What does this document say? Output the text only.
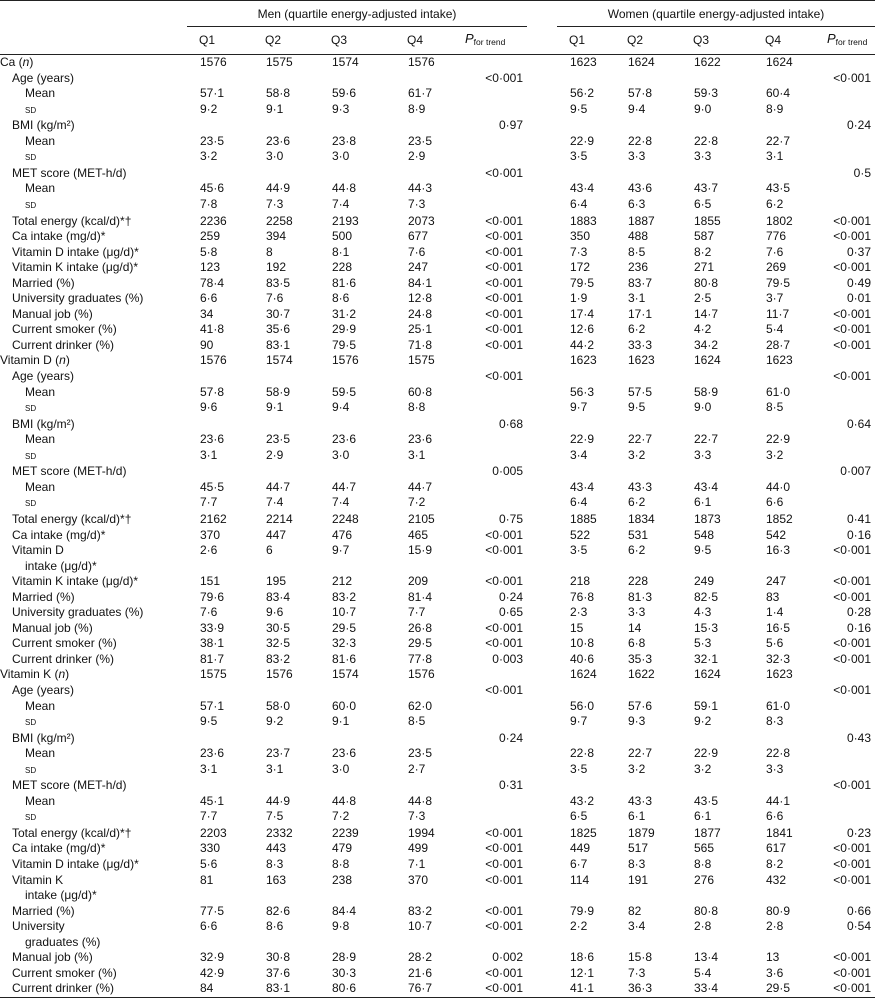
	Men (quartile energy-adjusted intake)						Women (quartile energy-adjusted intake)				
	Q1	Q2	Q3	Q4	$P_{for trend}$		Q1	Q2	Q3	Q4	$P_{for trend}$
Ca (n)	1576	1575	1574	1576			1623	1624	1622	1624	
Age (years)					<0·001						<0·001
Mean	57·1	58·8	59·6	61·7			56·2	57·8	59·3	60·4	
sd	9·2	9·1	9·3	8·9			9·5	9·4	9·0	8·9	
BMI (kg/m²)					0·97						0·24
Mean	23·5	23·6	23·8	23·5			22·9	22·8	22·8	22·7	
sd	3·2	3·0	3·0	2·9			3·5	3·3	3·3	3·1	
MET score (MET-h/d)					<0·001						0·5
Mean	45·6	44·9	44·8	44·3			43·4	43·6	43·7	43·5	
sd	7·8	7·3	7·4	7·3			6·4	6·3	6·5	6·2	
Total energy (kcal/d)*†	2236	2258	2193	2073	<0·001		1883	1887	1855	1802	<0·001
Ca intake (mg/d)*	259	394	500	677	<0·001		350	488	587	776	<0·001
Vitamin D intake (μg/d)*	5·8	8	8·1	7·6	<0·001		7·3	8·5	8·2	7·6	0·37
Vitamin K intake (μg/d)*	123	192	228	247	<0·001		172	236	271	269	<0·001
Married (%)	78·4	83·5	81·6	84·1	<0·001		79·5	83·7	80·8	79·5	0·49
University graduates (%)	6·6	7·6	8·6	12·8	<0·001		1·9	3·1	2·5	3·7	0·01
Manual job (%)	34	30·7	31·2	24·8	<0·001		17·4	17·1	14·7	11·7	<0·001
Current smoker (%)	41·8	35·6	29·9	25·1	<0·001		12·6	6·2	4·2	5·4	<0·001
Current drinker (%)	90	83·1	79·5	71·8	<0·001		44·2	33·3	34·2	28·7	<0·001
Vitamin D (n)	1576	1574	1576	1575			1623	1623	1624	1623	
Age (years)					<0·001						<0·001
Mean	57·8	58·9	59·5	60·8			56·3	57·5	58·9	61·0	
sd	9·6	9·1	9·4	8·8			9·7	9·5	9·0	8·5	
BMI (kg/m²)					0·68						0·64
Mean	23·6	23·5	23·6	23·6			22·9	22·7	22·7	22·9	
sd	3·1	2·9	3·0	3·1			3·4	3·2	3·3	3·2	
MET score (MET-h/d)					0·005						0·007
Mean	45·5	44·7	44·7	44·7			43·4	43·3	43·4	44·0	
sd	7·7	7·4	7·4	7·2			6·4	6·2	6·1	6·6	
Total energy (kcal/d)*†	2162	2214	2248	2105	0·75		1885	1834	1873	1852	0·41
Ca intake (mg/d)*	370	447	476	465	<0·001		522	531	548	542	0·16
Vitamin D
intake (μg/d)*	2·6	6	9·7	15·9	<0·001		3·5	6·2	9·5	16·3	<0·001
Vitamin K intake (μg/d)*	151	195	212	209	<0·001		218	228	249	247	<0·001
Married (%)	79·6	83·4	83·2	81·4	0·24		76·8	81·3	82·5	83	<0·001
University graduates (%)	7·6	9·6	10·7	7·7	0·65		2·3	3·3	4·3	1·4	0·28
Manual job (%)	33·9	30·5	29·5	26·8	<0·001		15	14	15·3	16·5	0·16
Current smoker (%)	38·1	32·5	32·3	29·5	<0·001		10·8	6·8	5·3	5·6	<0·001
Current drinker (%)	81·7	83·2	81·6	77·8	0·003		40·6	35·3	32·1	32·3	<0·001
Vitamin K (n)	1575	1576	1574	1576			1624	1622	1624	1623	
Age (years)					<0·001						<0·001
Mean	57·1	58·0	60·0	62·0			56·0	57·6	59·1	61·0	
sd	9·5	9·2	9·1	8·5			9·7	9·3	9·2	8·3	
BMI (kg/m²)					0·24						0·43
Mean	23·6	23·7	23·6	23·5			22·8	22·7	22·9	22·8	
sd	3·1	3·1	3·0	2·7			3·5	3·2	3·2	3·3	
MET score (MET-h/d)					0·31						<0·001
Mean	45·1	44·9	44·8	44·8			43·2	43·3	43·5	44·1	
sd	7·7	7·5	7·2	7·3			6·5	6·1	6·1	6·6	
Total energy (kcal/d)*†	2203	2332	2239	1994	<0·001		1825	1879	1877	1841	0·23
Ca intake (mg/d)*	330	443	479	499	<0·001		449	517	565	617	<0·001
Vitamin D intake (μg/d)*	5·6	8·3	8·8	7·1	<0·001		6·7	8·3	8·8	8·2	<0·001
Vitamin K
intake (μg/d)*	81	163	238	370	<0·001		114	191	276	432	<0·001
Married (%)	77·5	82·6	84·4	83·2	<0·001		79·9	82	80·8	80·9	0·66
University
graduates (%)	6·6	8·6	9·8	10·7	<0·001		2·2	3·4	2·8	2·8	0·54
Manual job (%)	32·9	30·8	28·9	28·2	0·002		18·6	15·8	13·4	13	<0·001
Current smoker (%)	42·9	37·6	30·3	21·6	<0·001		12·1	7·3	5·4	3·6	<0·001
Current drinker (%)	84	83·1	80·6	76·7	<0·001		41·1	36·3	33·4	29·5	<0·001
